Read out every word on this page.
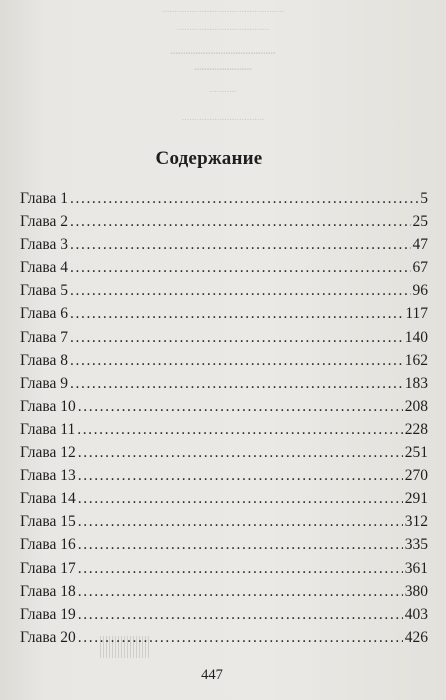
.................................................
.....................................
..........................................
.......................
...........
.................................
Содержание
Глава 1 .....	5
Глава 2 .....	25
Глава 3 .....	47
Глава 4 .....	67
Глава 5 .....	96
Глава 6 .....	117
Глава 7 .....	140
Глава 8 .....	162
Глава 9 .....	183
Глава 10 .....	208
Глава 11 .....	228
Глава 12 .....	251
Глава 13 .....	270
Глава 14 .....	291
Глава 15 .....	312
Глава 16 .....	335
Глава 17 .....	361
Глава 18 .....	380
Глава 19 .....	403
Глава 20 .....	426
447
